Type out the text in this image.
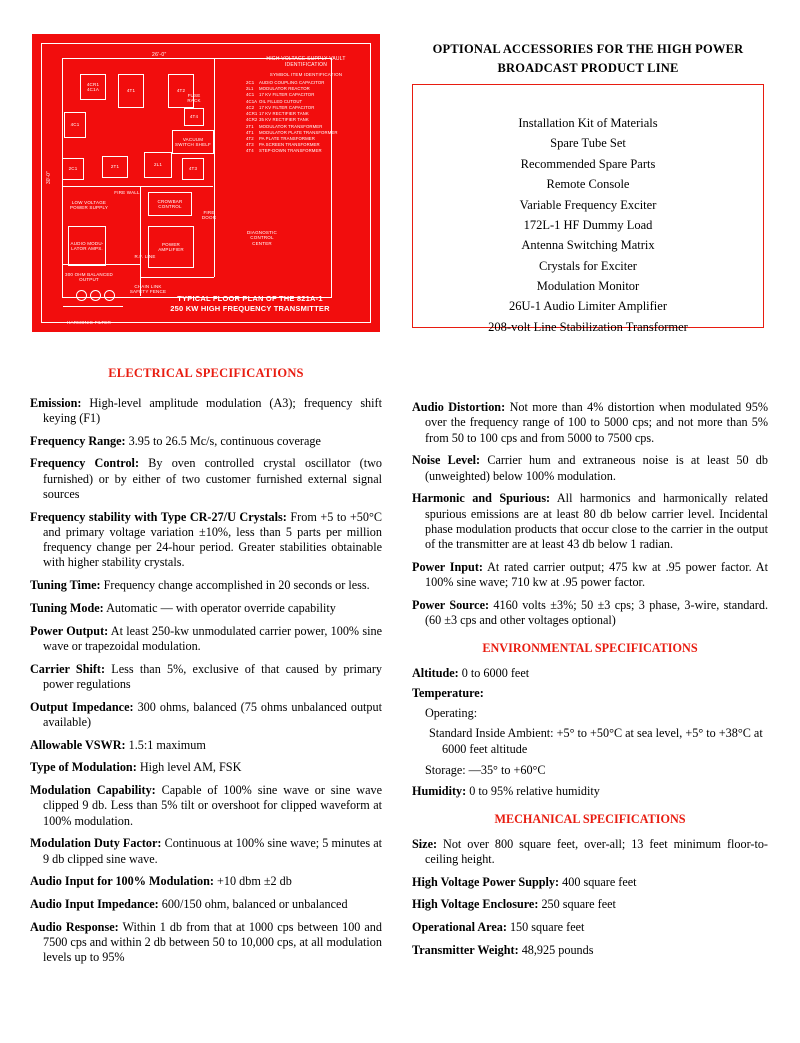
26'-0"
30'-0"
4CR1 4C1A	4T1	4T2
4C1
4T4
2C1	2T1	2L1
4T3
VACUUM SWITCH SHELF
FUSE RACK
LOW VOLTAGE POWER SUPPLY
CROWBAR CONTROL
AUDIO MODU- LATOR AMPS.
POWER AMPLIFIER
FIRE WALL
FIRE DOOR
DIAGNOSTIC CONTROL CENTER
300 OHM BALANCED OUTPUT
HARMONIC FILTER
R.F. LINE
CHAIN LINK SAFETY FENCE
HIGH VOLTAGE SUPPLY VAULT IDENTIFICATION
SYMBOL ITEM IDENTIFICATION
2C1 AUDIO COUPLING CAPACITOR
2L1 MODULATOR REACTOR
4C1 17 KV FILTER CAPACITOR
4C1A OIL FILLED CUTOUT
4C2 17 KV FILTER CAPACITOR
4CR1 17 KV RECTIFIER TANK
4CR2 35 KV RECTIFIER TANK
2T1 MODULATOR TRANSFORMER
4T1 MODULATOR PLATE TRANSFORMER
4T2 PA PLATE TRANSFORMER
4T3 PA SCREEN TRANSFORMER
4T4 STEP-DOWN TRANSFORMER
TYPICAL FLOOR PLAN OF THE 821A-1
250 KW HIGH FREQUENCY TRANSMITTER
OPTIONAL ACCESSORIES FOR THE HIGH POWER
BROADCAST PRODUCT LINE
Installation Kit of Materials
Spare Tube Set
Recommended Spare Parts
Remote Console
Variable Frequency Exciter
172L-1 HF Dummy Load
Antenna Switching Matrix
Crystals for Exciter
Modulation Monitor
26U-1 Audio Limiter Amplifier
208-volt Line Stabilization Transformer
ELECTRICAL SPECIFICATIONS

Emission: High-level amplitude modulation (A3); frequency shift keying (F1)

Frequency Range: 3.95 to 26.5 Mc/s, continuous coverage

Frequency Control: By oven controlled crystal oscillator (two furnished) or by either of two customer furnished external signal sources

Frequency stability with Type CR-27/U Crystals: From +5 to +50°C and primary voltage variation ±10%, less than 5 parts per million frequency change per 24-hour period. Greater stabilities obtainable with higher stability crystals.

Tuning Time: Frequency change accomplished in 20 seconds or less.

Tuning Mode: Automatic — with operator override capability

Power Output: At least 250-kw unmodulated carrier power, 100% sine wave or trapezoidal modulation.

Carrier Shift: Less than 5%, exclusive of that caused by primary power regulations

Output Impedance: 300 ohms, balanced (75 ohms unbalanced output available)

Allowable VSWR: 1.5:1 maximum

Type of Modulation: High level AM, FSK

Modulation Capability: Capable of 100% sine wave or sine wave clipped 9 db. Less than 5% tilt or overshoot for clipped waveform at 100% modulation.

Modulation Duty Factor: Continuous at 100% sine wave; 5 minutes at 9 db clipped sine wave.

Audio Input for 100% Modulation: +10 dbm ±2 db

Audio Input Impedance: 600/150 ohm, balanced or unbalanced

Audio Response: Within 1 db from that at 1000 cps between 100 and 7500 cps and within 2 db between 50 to 10,000 cps, at all modulation levels up to 95%

Audio Distortion: Not more than 4% distortion when modulated 95% over the frequency range of 100 to 5000 cps; and not more than 5% from 50 to 100 cps and from 5000 to 7500 cps.

Noise Level: Carrier hum and extraneous noise is at least 50 db (unweighted) below 100% modulation.

Harmonic and Spurious: All harmonics and harmonically related spurious emissions are at least 80 db below carrier level. Incidental phase modulation products that occur close to the carrier in the output of the transmitter are at least 43 db below 1 radian.

Power Input: At rated carrier output; 475 kw at .95 power factor. At 100% sine wave; 710 kw at .95 power factor.

Power Source: 4160 volts ±3%; 50 ±3 cps; 3 phase, 3-wire, standard. (60 ±3 cps and other voltages optional)

ENVIRONMENTAL SPECIFICATIONS

Altitude: 0 to 6000 feet

Temperature:

Operating:

Standard Inside Ambient: +5° to +50°C at sea level, +5° to +38°C at 6000 feet altitude

Storage: —35° to +60°C

Humidity: 0 to 95% relative humidity

MECHANICAL SPECIFICATIONS

Size: Not over 800 square feet, over-all; 13 feet minimum floor-to-ceiling height.

High Voltage Power Supply: 400 square feet

High Voltage Enclosure: 250 square feet

Operational Area: 150 square feet

Transmitter Weight: 48,925 pounds
